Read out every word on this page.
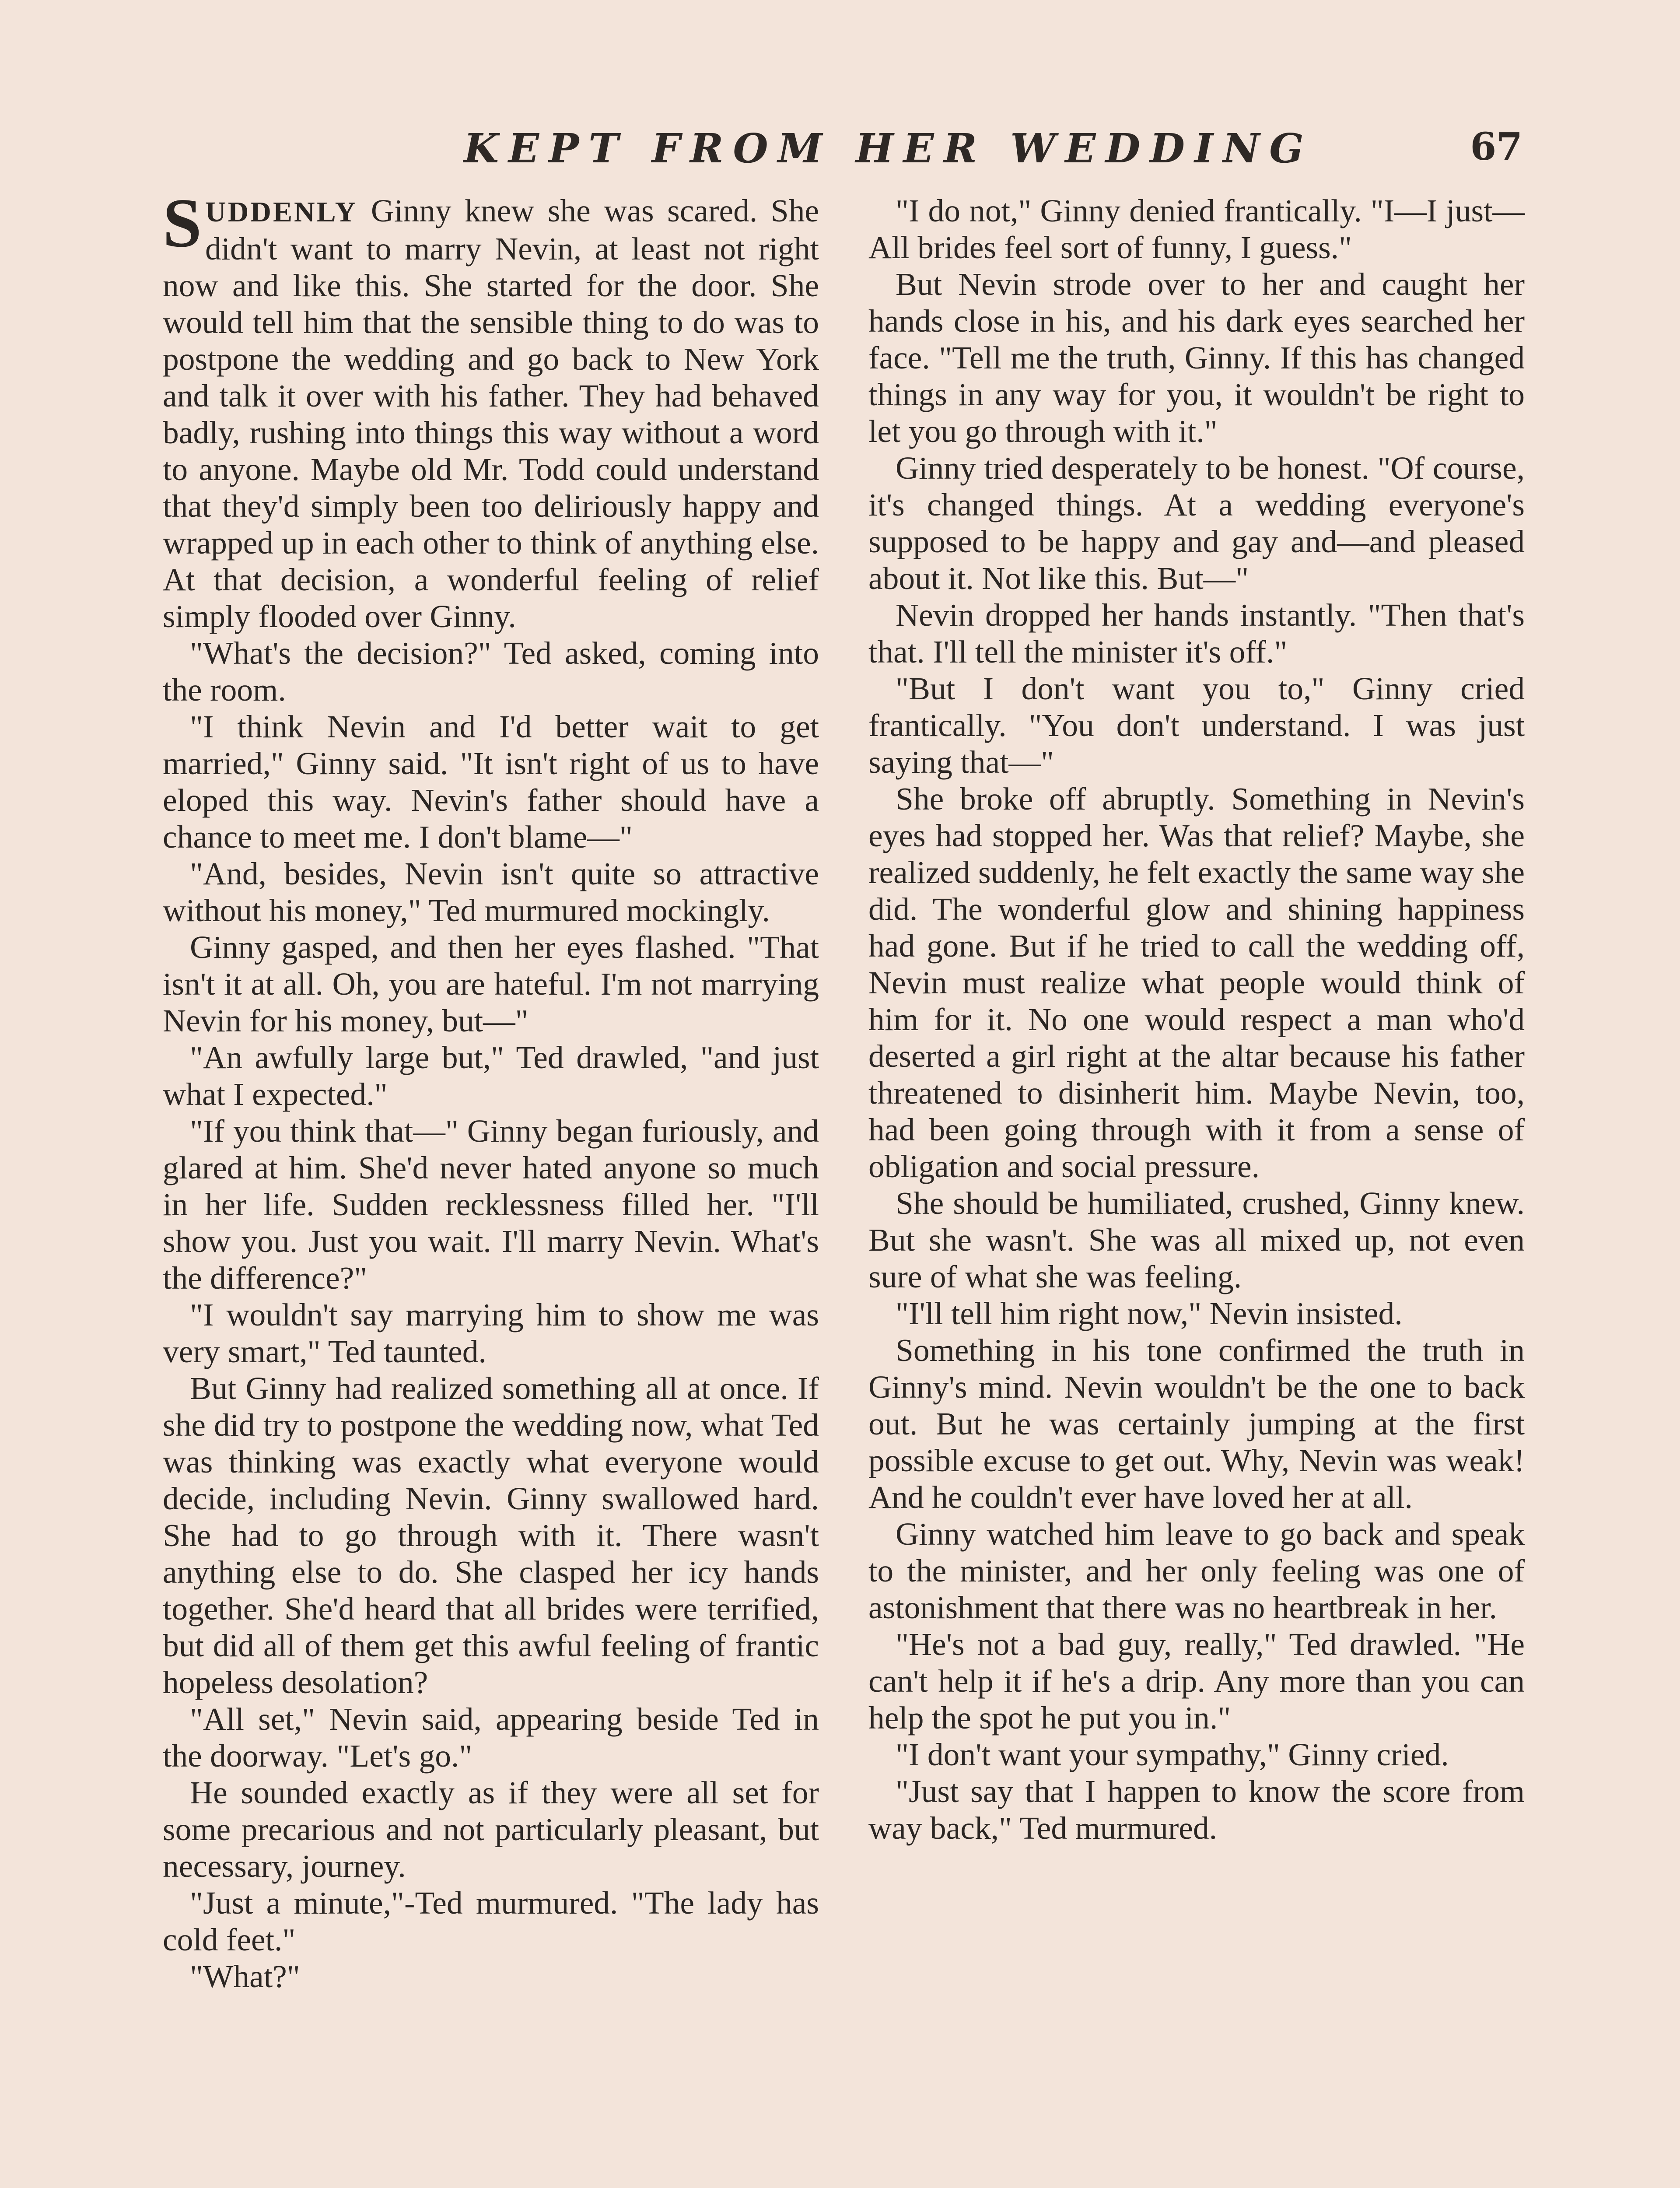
KEPT FROM HER WEDDING	67

SUDDENLY Ginny knew she was scared. She didn't want to marry Nevin, at least not right now and like this. She started for the door. She would tell him that the sensible thing to do was to postpone the wedding and go back to New York and talk it over with his father. They had behaved badly, rushing into things this way without a word to anyone. Maybe old Mr. Todd could understand that they'd simply been too deliriously happy and wrapped up in each other to think of anything else. At that decision, a wonderful feeling of relief simply flooded over Ginny.

"What's the decision?" Ted asked, coming into the room.

"I think Nevin and I'd better wait to get married," Ginny said. "It isn't right of us to have eloped this way. Nevin's father should have a chance to meet me. I don't blame—"

"And, besides, Nevin isn't quite so attractive without his money," Ted murmured mockingly.

Ginny gasped, and then her eyes flashed. "That isn't it at all. Oh, you are hateful. I'm not marrying Nevin for his money, but—"

"An awfully large but," Ted drawled, "and just what I expected."

"If you think that—" Ginny began furiously, and glared at him. She'd never hated anyone so much in her life. Sudden recklessness filled her. "I'll show you. Just you wait. I'll marry Nevin. What's the difference?"

"I wouldn't say marrying him to show me was very smart," Ted taunted.

But Ginny had realized something all at once. If she did try to postpone the wedding now, what Ted was thinking was exactly what everyone would decide, including Nevin. Ginny swallowed hard. She had to go through with it. There wasn't anything else to do. She clasped her icy hands together. She'd heard that all brides were terrified, but did all of them get this awful feeling of frantic hopeless desolation?

"All set," Nevin said, appearing beside Ted in the doorway. "Let's go."

He sounded exactly as if they were all set for some precarious and not particularly pleasant, but necessary, journey.

"Just a minute,"-Ted murmured. "The lady has cold feet."

"What?"

"I do not," Ginny denied frantically. "I—I just— All brides feel sort of funny, I guess."

But Nevin strode over to her and caught her hands close in his, and his dark eyes searched her face. "Tell me the truth, Ginny. If this has changed things in any way for you, it wouldn't be right to let you go through with it."

Ginny tried desperately to be honest. "Of course, it's changed things. At a wedding everyone's supposed to be happy and gay and—and pleased about it. Not like this. But—"

Nevin dropped her hands instantly. "Then that's that. I'll tell the minister it's off."

"But I don't want you to," Ginny cried frantically. "You don't understand. I was just saying that—"

She broke off abruptly. Something in Nevin's eyes had stopped her. Was that relief? Maybe, she realized suddenly, he felt exactly the same way she did. The wonderful glow and shining happiness had gone. But if he tried to call the wedding off, Nevin must realize what people would think of him for it. No one would respect a man who'd deserted a girl right at the altar because his father threatened to disinherit him. Maybe Nevin, too, had been going through with it from a sense of obligation and social pressure.

She should be humiliated, crushed, Ginny knew. But she wasn't. She was all mixed up, not even sure of what she was feeling.

"I'll tell him right now," Nevin insisted.

Something in his tone confirmed the truth in Ginny's mind. Nevin wouldn't be the one to back out. But he was certainly jumping at the first possible excuse to get out. Why, Nevin was weak! And he couldn't ever have loved her at all.

Ginny watched him leave to go back and speak to the minister, and her only feeling was one of astonishment that there was no heartbreak in her.

"He's not a bad guy, really," Ted drawled. "He can't help it if he's a drip. Any more than you can help the spot he put you in."

"I don't want your sympathy," Ginny cried.

"Just say that I happen to know the score from way back," Ted murmured.
